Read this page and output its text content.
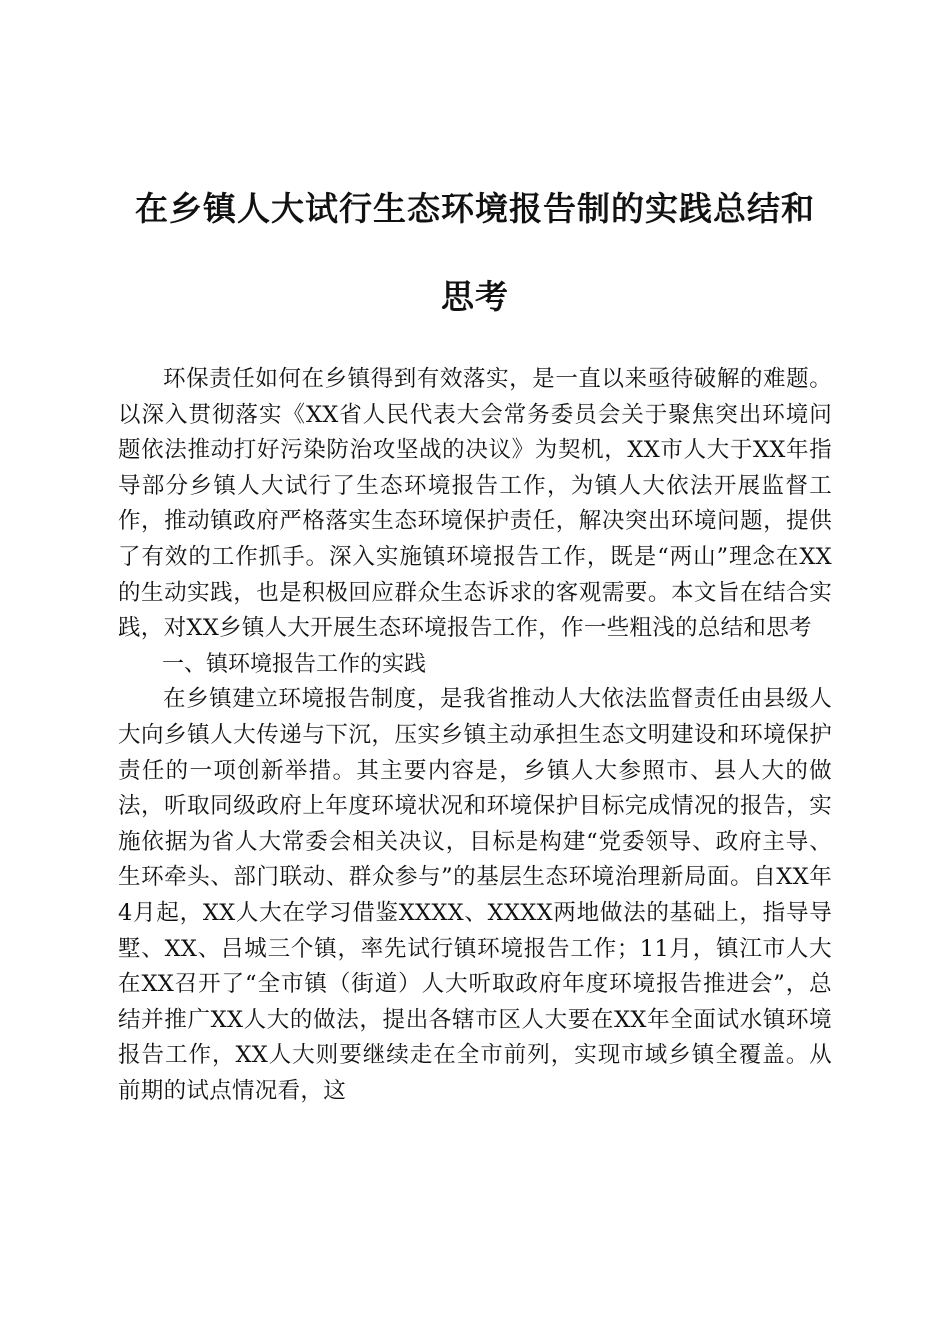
在乡镇人大试行生态环境报告制的实践总结和
思考

环保责任如何在乡镇得到有效落实，是一直以来亟待破解的难题。以深入贯彻落实《XX省人民代表大会常务委员会关于聚焦突出环境问题依法推动打好污染防治攻坚战的决议》为契机，XX市人大于XX年指导部分乡镇人大试行了生态环境报告工作，为镇人大依法开展监督工作，推动镇政府严格落实生态环境保护责任，解决突出环境问题，提供了有效的工作抓手。深入实施镇环境报告工作，既是“两山”理念在XX的生动实践，也是积极回应群众生态诉求的客观需要。本文旨在结合实践，对XX乡镇人大开展生态环境报告工作，作一些粗浅的总结和思考

一、镇环境报告工作的实践

在乡镇建立环境报告制度，是我省推动人大依法监督责任由县级人大向乡镇人大传递与下沉，压实乡镇主动承担生态文明建设和环境保护责任的一项创新举措。其主要内容是，乡镇人大参照市、县人大的做法，听取同级政府上年度环境状况和环境保护目标完成情况的报告，实施依据为省人大常委会相关决议，目标是构建“党委领导、政府主导、生环牵头、部门联动、群众参与”的基层生态环境治理新局面。自XX年4月起，XX人大在学习借鉴XXXX、XXXX两地做法的基础上，指导导墅、XX、吕城三个镇，率先试行镇环境报告工作；11月，镇江市人大在XX召开了“全市镇（街道）人大听取政府年度环境报告推进会”，总结并推广XX人大的做法，提出各辖市区人大要在XX年全面试水镇环境报告工作，XX人大则要继续走在全市前列，实现市域乡镇全覆盖。从前期的试点情况看，这
